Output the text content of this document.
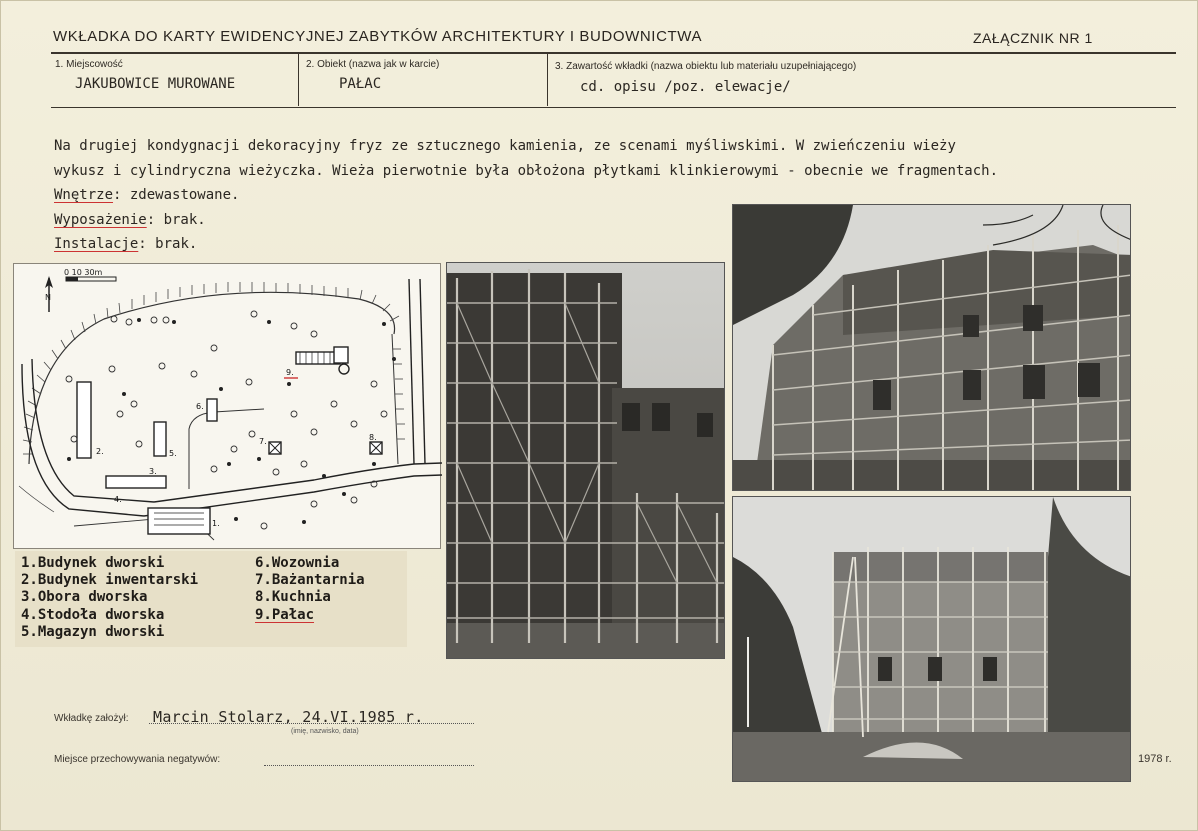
WKŁADKA DO KARTY EWIDENCYJNEJ ZABYTKÓW ARCHITEKTURY I BUDOWNICTWA	ZAŁĄCZNIK NR 1
1. Miejscowość
JAKUBOWICE MUROWANE
2. Obiekt (nazwa jak w karcie)
PAŁAC
3. Zawartość wkładki (nazwa obiektu lub materiału uzupełniającego)
cd. opisu /poz. elewacje/

Na drugiej kondygnacji dekoracyjny fryz ze sztucznego kamienia, ze scenami myśliwskimi. W zwieńczeniu wieży

wykusz i cylindryczna wieżyczka. Wieża pierwotnie była obłożona płytkami klinkierowymi - obecnie we fragmentach.

Wnętrze: zdewastowane.

Wyposażenie: brak.

Instalacje: brak.

0 10 30m
N
1.
2.
3.
4.
5.
6.
7.	8.
9.
1.Budynek dworski
2.Budynek inwentarski
3.Obora dworska
4.Stodoła dworska
5.Magazyn dworski
6.Wozownia
7.Bażantarnia
8.Kuchnia
9.Pałac
1978 r.
Wkładkę założył: Marcin Stolarz, 24.VI.1985 r.
(imię, nazwisko, data)
Miejsce przechowywania negatywów:
